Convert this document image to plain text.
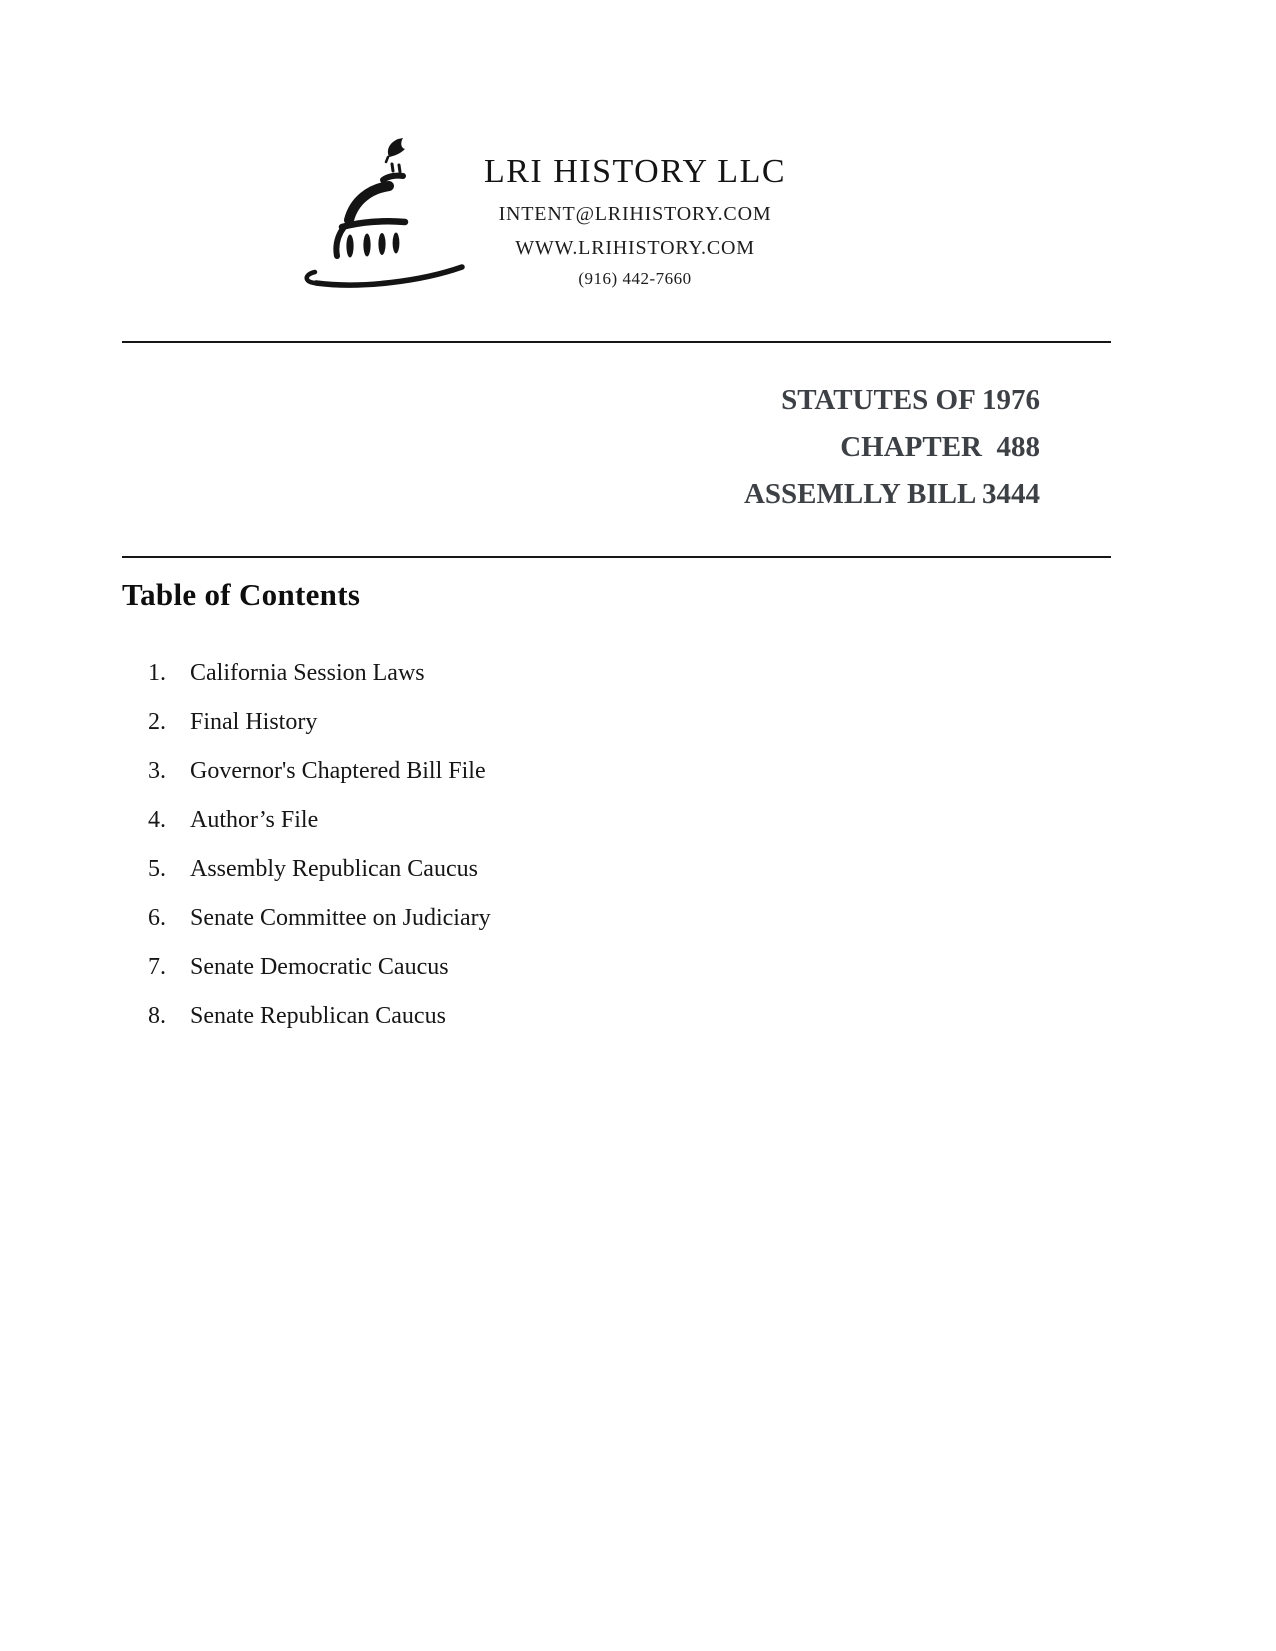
LRI HISTORY LLC
INTENT@LRIHISTORY.COM
WWW.LRIHISTORY.COM
(916) 442-7660
STATUTES OF 1976
CHAPTER  488
ASSEMLLY BILL 3444
Table of Contents
1.	California Session Laws
2.	Final History
3.	Governor's Chaptered Bill File
4.	Author’s File
5.	Assembly Republican Caucus
6.	Senate Committee on Judiciary
7.	Senate Democratic Caucus
8.	Senate Republican Caucus
